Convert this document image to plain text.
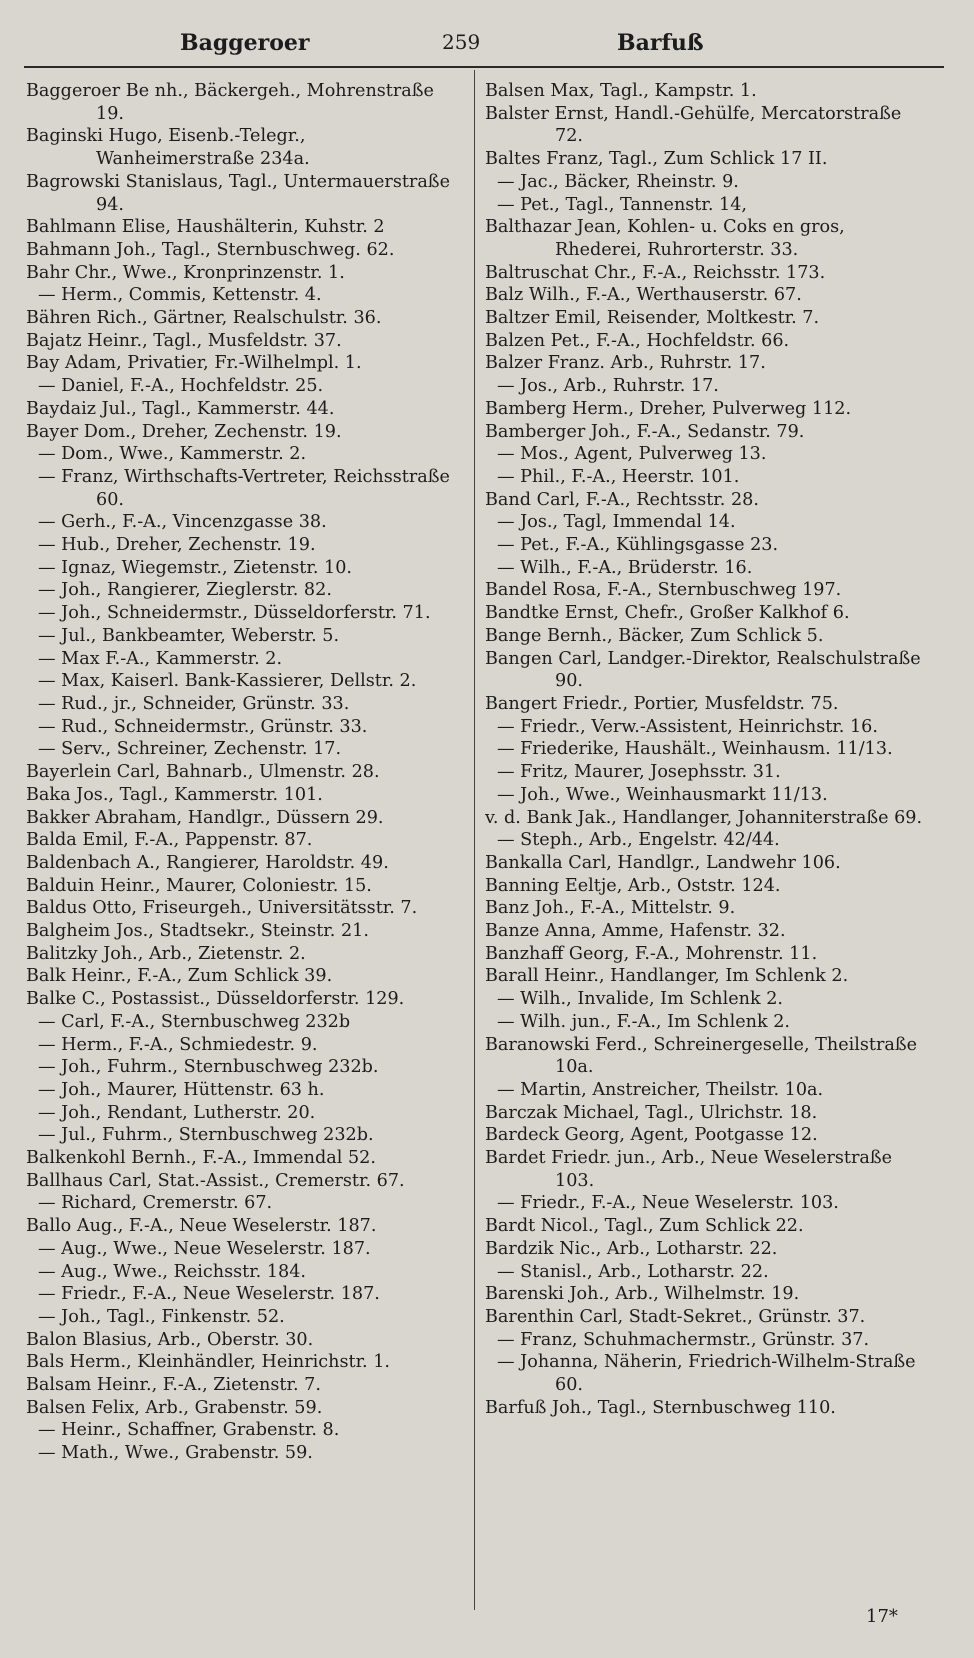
Baggeroer	259	Barfuß
Baggeroer Be nh., Bäckergeh., Mohrenstraße 19.
Baginski Hugo, Eisenb.-Telegr., Wanheimerstraße 234a.
Bagrowski Stanislaus, Tagl., Untermauerstraße 94.
Bahlmann Elise, Haushälterin, Kuhstr. 2
Bahmann Joh., Tagl., Sternbuschweg. 62.
Bahr Chr., Wwe., Kronprinzenstr. 1.
— Herm., Commis, Kettenstr. 4.
Bähren Rich., Gärtner, Realschulstr. 36.
Bajatz Heinr., Tagl., Musfeldstr. 37.
Bay Adam, Privatier, Fr.-Wilhelmpl. 1.
— Daniel, F.-A., Hochfeldstr. 25.
Baydaiz Jul., Tagl., Kammerstr. 44.
Bayer Dom., Dreher, Zechenstr. 19.
— Dom., Wwe., Kammerstr. 2.
— Franz, Wirthschafts-Vertreter, Reichsstraße 60.
— Gerh., F.-A., Vincenzgasse 38.
— Hub., Dreher, Zechenstr. 19.
— Ignaz, Wiegemstr., Zietenstr. 10.
— Joh., Rangierer, Zieglerstr. 82.
— Joh., Schneidermstr., Düsseldorferstr. 71.
— Jul., Bankbeamter, Weberstr. 5.
— Max F.-A., Kammerstr. 2.
— Max, Kaiserl. Bank-Kassierer, Dellstr. 2.
— Rud., jr., Schneider, Grünstr. 33.
— Rud., Schneidermstr., Grünstr. 33.
— Serv., Schreiner, Zechenstr. 17.
Bayerlein Carl, Bahnarb., Ulmenstr. 28.
Baka Jos., Tagl., Kammerstr. 101.
Bakker Abraham, Handlgr., Düssern 29.
Balda Emil, F.-A., Pappenstr. 87.
Baldenbach A., Rangierer, Haroldstr. 49.
Balduin Heinr., Maurer, Coloniestr. 15.
Baldus Otto, Friseurgeh., Universitätsstr. 7.
Balgheim Jos., Stadtsekr., Steinstr. 21.
Balitzky Joh., Arb., Zietenstr. 2.
Balk Heinr., F.-A., Zum Schlick 39.
Balke C., Postassist., Düsseldorferstr. 129.
— Carl, F.-A., Sternbuschweg 232b
— Herm., F.-A., Schmiedestr. 9.
— Joh., Fuhrm., Sternbuschweg 232b.
— Joh., Maurer, Hüttenstr. 63 h.
— Joh., Rendant, Lutherstr. 20.
— Jul., Fuhrm., Sternbuschweg 232b.
Balkenkohl Bernh., F.-A., Immendal 52.
Ballhaus Carl, Stat.-Assist., Cremerstr. 67.
— Richard, Cremerstr. 67.
Ballo Aug., F.-A., Neue Weselerstr. 187.
— Aug., Wwe., Neue Weselerstr. 187.
— Aug., Wwe., Reichsstr. 184.
— Friedr., F.-A., Neue Weselerstr. 187.
— Joh., Tagl., Finkenstr. 52.
Balon Blasius, Arb., Oberstr. 30.
Bals Herm., Kleinhändler, Heinrichstr. 1.
Balsam Heinr., F.-A., Zietenstr. 7.
Balsen Felix, Arb., Grabenstr. 59.
— Heinr., Schaffner, Grabenstr. 8.
— Math., Wwe., Grabenstr. 59.
Balsen Max, Tagl., Kampstr. 1.
Balster Ernst, Handl.-Gehülfe, Mercatorstraße 72.
Baltes Franz, Tagl., Zum Schlick 17 II.
— Jac., Bäcker, Rheinstr. 9.
— Pet., Tagl., Tannenstr. 14,
Balthazar Jean, Kohlen- u. Coks en gros, Rhederei, Ruhrorterstr. 33.
Baltruschat Chr., F.-A., Reichsstr. 173.
Balz Wilh., F.-A., Werthauserstr. 67.
Baltzer Emil, Reisender, Moltkestr. 7.
Balzen Pet., F.-A., Hochfeldstr. 66.
Balzer Franz. Arb., Ruhrstr. 17.
— Jos., Arb., Ruhrstr. 17.
Bamberg Herm., Dreher, Pulverweg 112.
Bamberger Joh., F.-A., Sedanstr. 79.
— Mos., Agent, Pulverweg 13.
— Phil., F.-A., Heerstr. 101.
Band Carl, F.-A., Rechtsstr. 28.
— Jos., Tagl, Immendal 14.
— Pet., F.-A., Kühlingsgasse 23.
— Wilh., F.-A., Brüderstr. 16.
Bandel Rosa, F.-A., Sternbuschweg 197.
Bandtke Ernst, Chefr., Großer Kalkhof 6.
Bange Bernh., Bäcker, Zum Schlick 5.
Bangen Carl, Landger.-Direktor, Realschulstraße 90.
Bangert Friedr., Portier, Musfeldstr. 75.
— Friedr., Verw.-Assistent, Heinrichstr. 16.
— Friederike, Haushält., Weinhausm. 11/13.
— Fritz, Maurer, Josephsstr. 31.
— Joh., Wwe., Weinhausmarkt 11/13.
v. d. Bank Jak., Handlanger, Johanniterstraße 69.
— Steph., Arb., Engelstr. 42/44.
Bankalla Carl, Handlgr., Landwehr 106.
Banning Eeltje, Arb., Oststr. 124.
Banz Joh., F.-A., Mittelstr. 9.
Banze Anna, Amme, Hafenstr. 32.
Banzhaff Georg, F.-A., Mohrenstr. 11.
Barall Heinr., Handlanger, Im Schlenk 2.
— Wilh., Invalide, Im Schlenk 2.
— Wilh. jun., F.-A., Im Schlenk 2.
Baranowski Ferd., Schreinergeselle, Theilstraße 10a.
— Martin, Anstreicher, Theilstr. 10a.
Barczak Michael, Tagl., Ulrichstr. 18.
Bardeck Georg, Agent, Pootgasse 12.
Bardet Friedr. jun., Arb., Neue Weselerstraße 103.
— Friedr., F.-A., Neue Weselerstr. 103.
Bardt Nicol., Tagl., Zum Schlick 22.
Bardzik Nic., Arb., Lotharstr. 22.
— Stanisl., Arb., Lotharstr. 22.
Barenski Joh., Arb., Wilhelmstr. 19.
Barenthin Carl, Stadt-Sekret., Grünstr. 37.
— Franz, Schuhmachermstr., Grünstr. 37.
— Johanna, Näherin, Friedrich-Wilhelm-Straße 60.
Barfuß Joh., Tagl., Sternbuschweg 110.
17*
